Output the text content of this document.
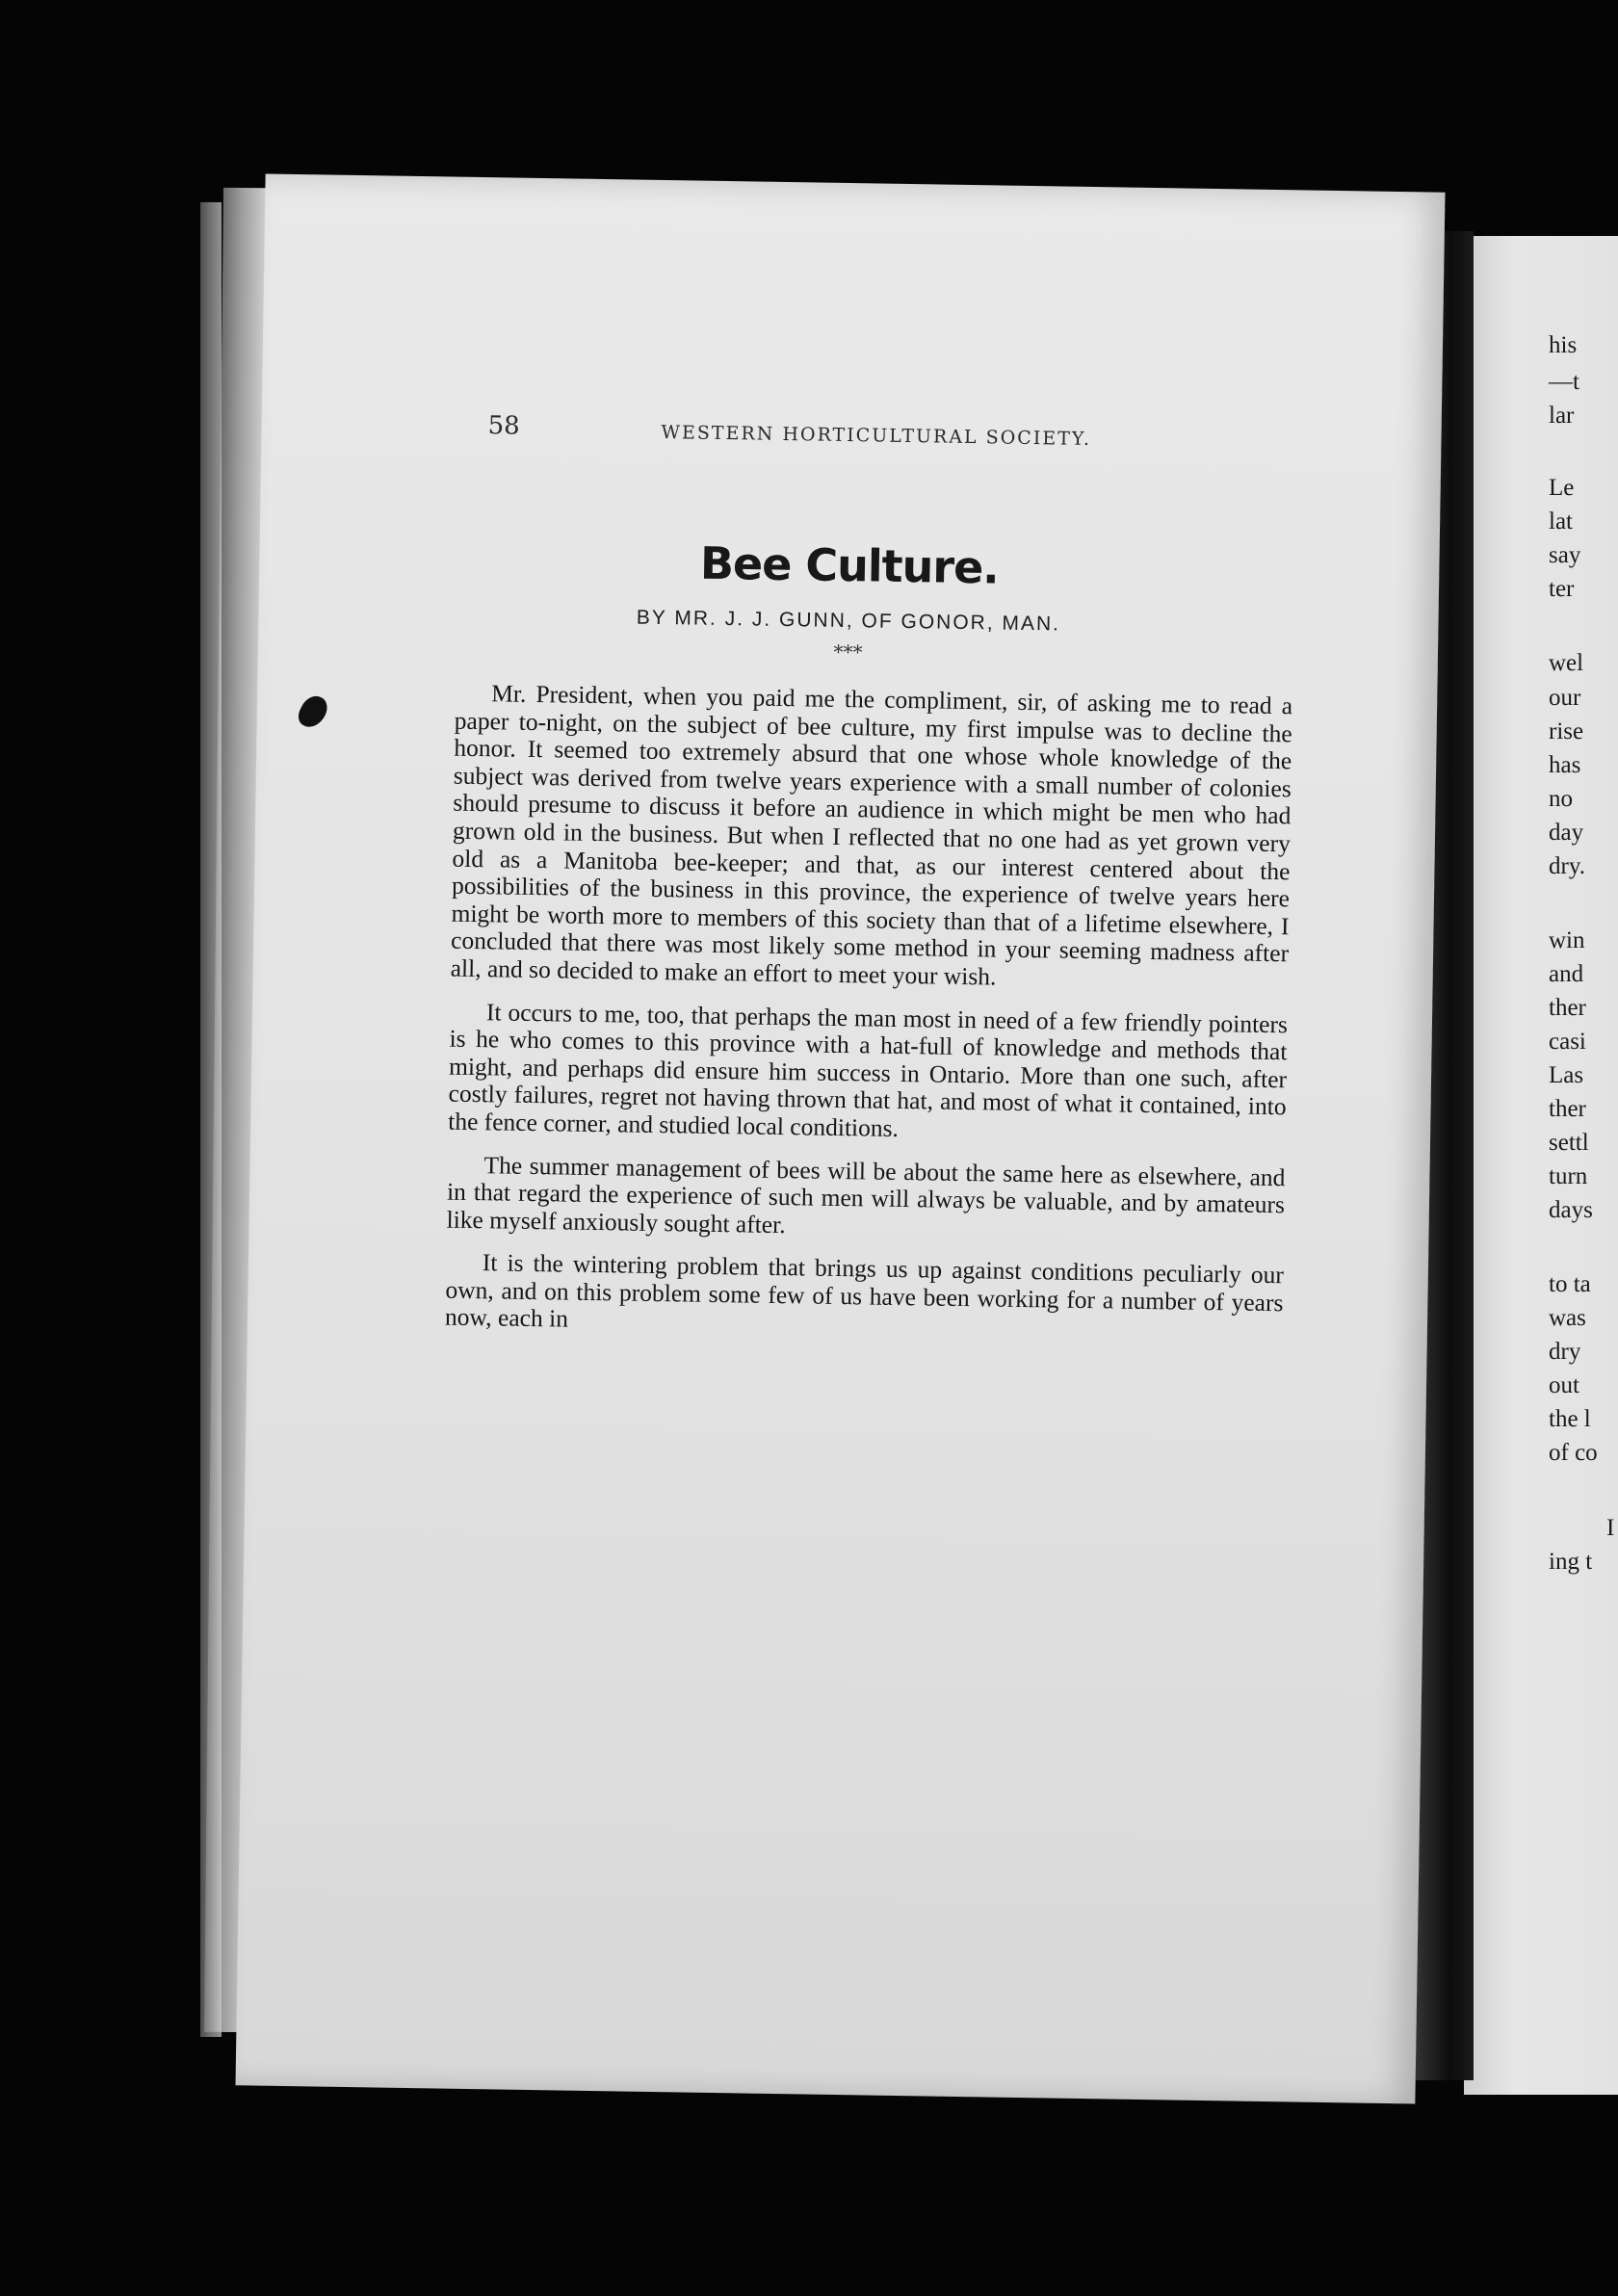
58	WESTERN HORTICULTURAL SOCIETY.
Bee Culture.
BY MR. J. J. GUNN, OF GONOR, MAN.
***

Mr. President, when you paid me the compliment, sir, of asking me to read a paper to-night, on the subject of bee culture, my first impulse was to decline the honor. It seemed too extremely absurd that one whose whole knowledge of the subject was derived from twelve years experience with a small number of colonies should presume to discuss it before an audience in which might be men who had grown old in the business. But when I reflected that no one had as yet grown very old as a Manitoba bee-keeper; and that, as our interest centered about the possibilities of the business in this province, the experience of twelve years here might be worth more to members of this society than that of a lifetime elsewhere, I concluded that there was most likely some method in your seeming madness after all, and so decided to make an effort to meet your wish.

It occurs to me, too, that perhaps the man most in need of a few friendly pointers is he who comes to this province with a hat-full of knowledge and methods that might, and perhaps did ensure him success in Ontario. More than one such, after costly failures, regret not having thrown that hat, and most of what it contained, into the fence corner, and studied local conditions.

The summer management of bees will be about the same here as elsewhere, and in that regard the experience of such men will always be valuable, and by amateurs like myself anxiously sought after.

It is the wintering problem that brings us up against conditions peculiarly our own, and on this problem some few of us have been working for a number of years now, each in

his
—t
lar
Le
lat
say
ter
wel
our
rise
has
no
day
dry.
win
and
ther
casi
Las
ther
settl
turn
days
to ta
was
dry
out
the l
of co
I
ing t
